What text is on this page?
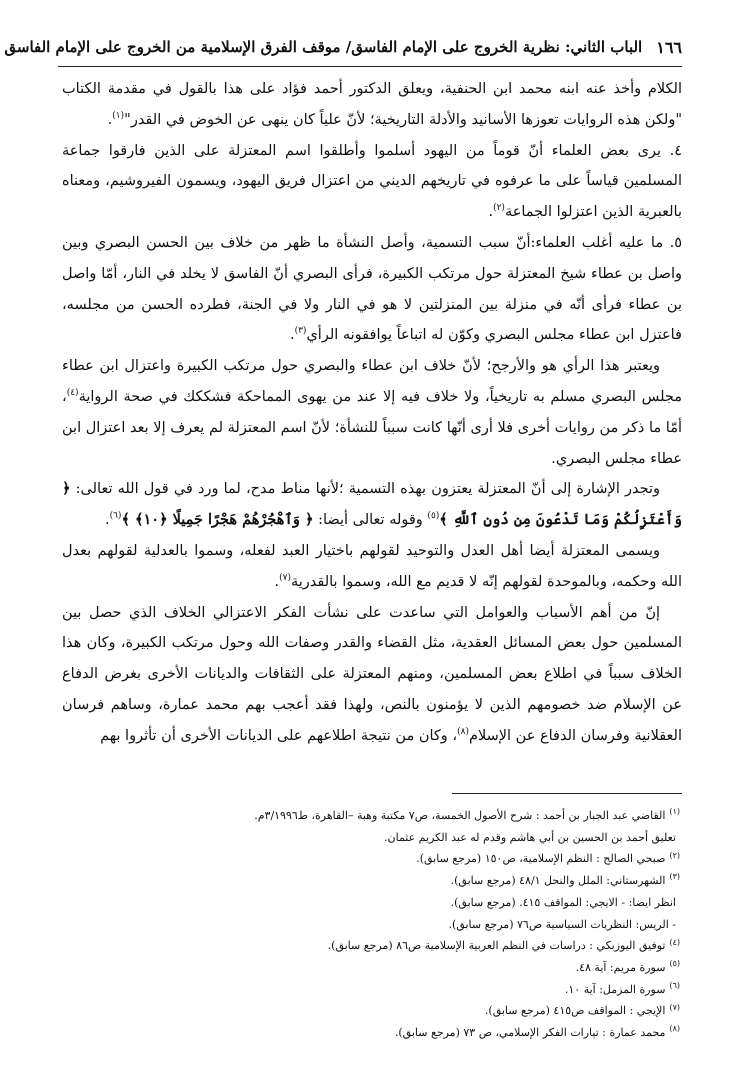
١٦٦
الباب الثاني: نظرية الخروج على الإمام الفاسق/ موقف الفرق الإسلامية من الخروج على الإمام الفاسق

الكلام وأخذ عنه ابنه محمد ابن الحنفية، ويعلق الدكتور أحمد فؤاد على هذا بالقول في مقدمة الكتاب "ولكن هذه الروايات تعوزها الأسانيد والأدلة التاريخية؛ لأنّ علياً كان ينهى عن الخوض في القدر"$^{(١)}$.

٤. يرى بعض العلماء أنّ قوماً من اليهود أسلموا وأطلقوا اسم المعتزلة على الذين فارقوا جماعة المسلمين قياساً على ما عرفوه في تاريخهم الديني من اعتزال فريق اليهود، ويسمون الفيروشيم، ومعناه بالعبرية الذين اعتزلوا الجماعة$^{(٢)}$.

٥. ما عليه أغلب العلماء:أنّ سبب التسمية، وأصل النشأة ما ظهر من خلاف بين الحسن البصري وبين واصل بن عطاء شيخ المعتزلة حول مرتكب الكبيرة، فرأى البصري أنّ الفاسق لا يخلد في النار، أمّا واصل بن عطاء فرأى أنّه في منزلة بين المنزلتين لا هو في النار ولا في الجنة، فطرده الحسن من مجلسه، فاعتزل ابن عطاء مجلس البصري وكوّن له اتباعاً يوافقونه الرأي$^{(٣)}$.

ويعتبر هذا الرأي هو والأرجح؛ لأنّ خلاف ابن عطاء والبصري حول مرتكب الكبيرة واعتزال ابن عطاء مجلس البصري مسلم به تاريخياً، ولا خلاف فيه إلا عند من يهوى المماحكة فشككك في صحة الرواية$^{(٤)}$، أمّا ما ذكر من روايات أخرى فلا أرى أنّها كانت سبباً للنشأة؛ لأنّ اسم المعتزلة لم يعرف إلا بعد اعتزال ابن عطاء مجلس البصري.

وتجدر الإشارة إلى أنّ المعتزلة يعتزون بهذه التسمية ؛لأنها مناط مدح، لما ورد في قول الله تعالى: ﴿ وَأَعْتَزِلُكُمْ وَمَا تَدْعُونَ مِن دُونِ ٱللَّهِ ﴾$^{(٥)}$ وقوله تعالى أيضا: ﴿ وَٱهْجُرْهُمْ هَجْرًا جَمِيلًا ﴿١٠﴾ ﴾$^{(٦)}$.

ويسمى المعتزلة أيضا أهل العدل والتوحيد لقولهم باختيار العبد لفعله، وسموا بالعدلية لقولهم بعدل الله وحكمه، وبالموحدة لقولهم إنّه لا قديم مع الله، وسموا بالقدرية$^{(٧)}$.

إنّ من أهم الأسباب والعوامل التي ساعدت على نشأت الفكر الاعتزالي الخلاف الذي حصل بين المسلمين حول بعض المسائل العقدية، مثل القضاء والقدر وصفات الله وحول مرتكب الكبيرة، وكان هذا الخلاف سبباً في اطلاع بعض المسلمين، ومنهم المعتزلة على الثقافات والديانات الأخرى بغرض الدفاع عن الإسلام ضد خصومهم الذين لا يؤمنون بالنص، ولهذا فقد أعجب بهم محمد عمارة، وساهم فرسان العقلانية وفرسان الدفاع عن الإسلام$^{(٨)}$، وكان من نتيجة اطلاعهم على الديانات الأخرى أن تأثروا بهم

$^{(١)}$القاضي عبد الجبار بن أحمد : شرح الأصول الخمسة، ص٧ مكتبة وهبة –القاهرة، ط٣/١٩٩٦م.
تعليق أحمد بن الحسين بن أبي هاشم وقدم له عبد الكريم عثمان.
$^{(٢)}$صبحي الصالح : النظم الإسلامية، ص١٥٠ (مرجع سابق).
$^{(٣)}$الشهرستاني: الملل والنحل ٤٨/١ (مرجع سابق).
انظر ايضا: - الايجي: المواقف ٤١٥. (مرجع سابق).
- الريس: النظريات السياسية ص٧٦ (مرجع سابق).
$^{(٤)}$توفيق اليوزبكي : دراسات في النظم العربية الإسلامية ص٨٦ (مرجع سابق).
$^{(٥)}$سورة مريم: آية ٤٨.
$^{(٦)}$سورة المزمل: آية ١٠.
$^{(٧)}$الإيجي : المواقف ص٤١٥ (مرجع سابق).
$^{(٨)}$محمد عمارة : تيارات الفكر الإسلامي، ص ٧٣ (مرجع سابق).
